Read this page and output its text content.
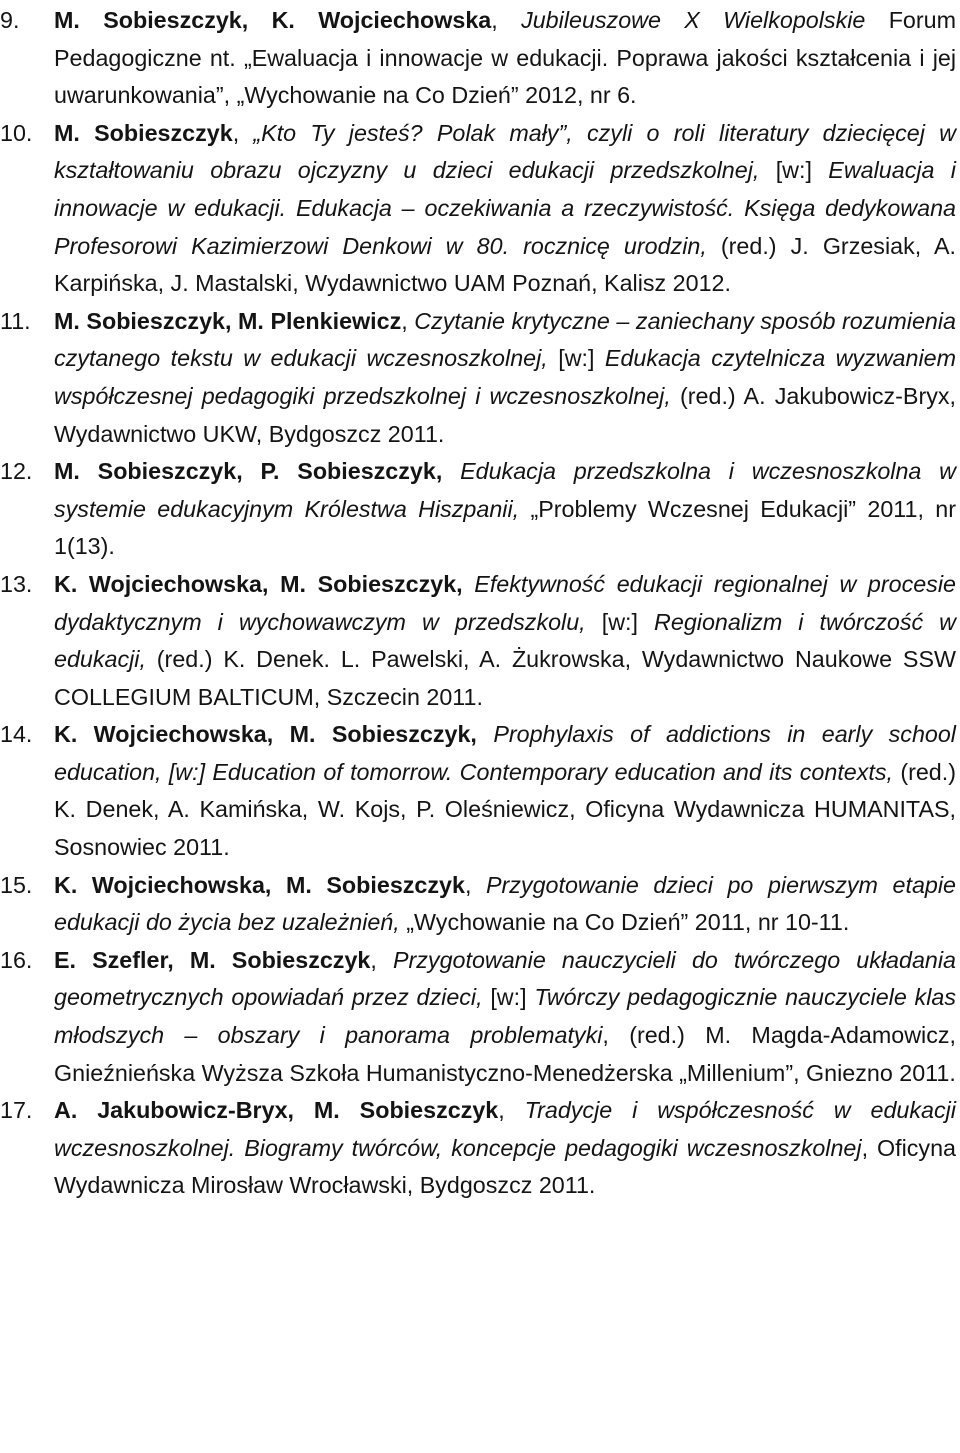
9.	M. Sobieszczyk, K. Wojciechowska, Jubileuszowe X Wielkopolskie Forum Pedagogiczne nt. „Ewaluacja i innowacje w edukacji. Poprawa jakości kształcenia i jej uwarunkowania”, „Wychowanie na Co Dzień” 2012, nr 6.
10. M. Sobieszczyk, „Kto Ty jesteś? Polak mały”, czyli o roli literatury dziecięcej w kształtowaniu obrazu ojczyzny u dzieci edukacji przedszkolnej, [w:] Ewaluacja i innowacje w edukacji. Edukacja – oczekiwania a rzeczywistość. Księga dedykowana Profesorowi Kazimierzowi Denkowi w 80. rocznicę urodzin, (red.) J. Grzesiak, A. Karpińska, J. Mastalski, Wydawnictwo UAM Poznań, Kalisz 2012.
11.	M. Sobieszczyk, M. Plenkiewicz, Czytanie krytyczne – zaniechany sposób rozumienia czytanego tekstu w edukacji wczesnoszkolnej, [w:] Edukacja czytelnicza wyzwaniem współczesnej pedagogiki przedszkolnej i wczesnoszkolnej, (red.) A. Jakubowicz-Bryx, Wydawnictwo UKW, Bydgoszcz 2011.
12. M. Sobieszczyk, P. Sobieszczyk, Edukacja przedszkolna i wczesnoszkolna w systemie edukacyjnym Królestwa Hiszpanii, „Problemy Wczesnej Edukacji” 2011, nr 1(13).
13. K. Wojciechowska, M. Sobieszczyk, Efektywność edukacji regionalnej w procesie dydaktycznym i wychowawczym w przedszkolu, [w:] Regionalizm i twórczość w edukacji, (red.) K. Denek. L. Pawelski, A. Żukrowska, Wydawnictwo Naukowe SSW COLLEGIUM BALTICUM, Szczecin 2011.
14. K. Wojciechowska, M. Sobieszczyk, Prophylaxis of addictions in early school education, [w:] Education of tomorrow. Contemporary education and its contexts, (red.) K. Denek, A. Kamińska, W. Kojs, P. Oleśniewicz, Oficyna Wydawnicza HUMANITAS, Sosnowiec 2011.
15. K. Wojciechowska, M. Sobieszczyk, Przygotowanie dzieci po pierwszym etapie edukacji do życia bez uzależnień, „Wychowanie na Co Dzień” 2011, nr 10-11.
16. E. Szefler, M. Sobieszczyk, Przygotowanie nauczycieli do twórczego układania geometrycznych opowiadań przez dzieci, [w:] Twórczy pedagogicznie nauczyciele klas młodszych – obszary i panorama problematyki, (red.) M. Magda-Adamowicz, Gnieźnieńska Wyższa Szkoła Humanistyczno-Menedżerska „Millenium”, Gniezno 2011.
17. A. Jakubowicz-Bryx, M. Sobieszczyk, Tradycje i współczesność w edukacji wczesnoszkolnej. Biogramy twórców, koncepcje pedagogiki wczesnoszkolnej, Oficyna Wydawnicza Mirosław Wrocławski, Bydgoszcz 2011.
